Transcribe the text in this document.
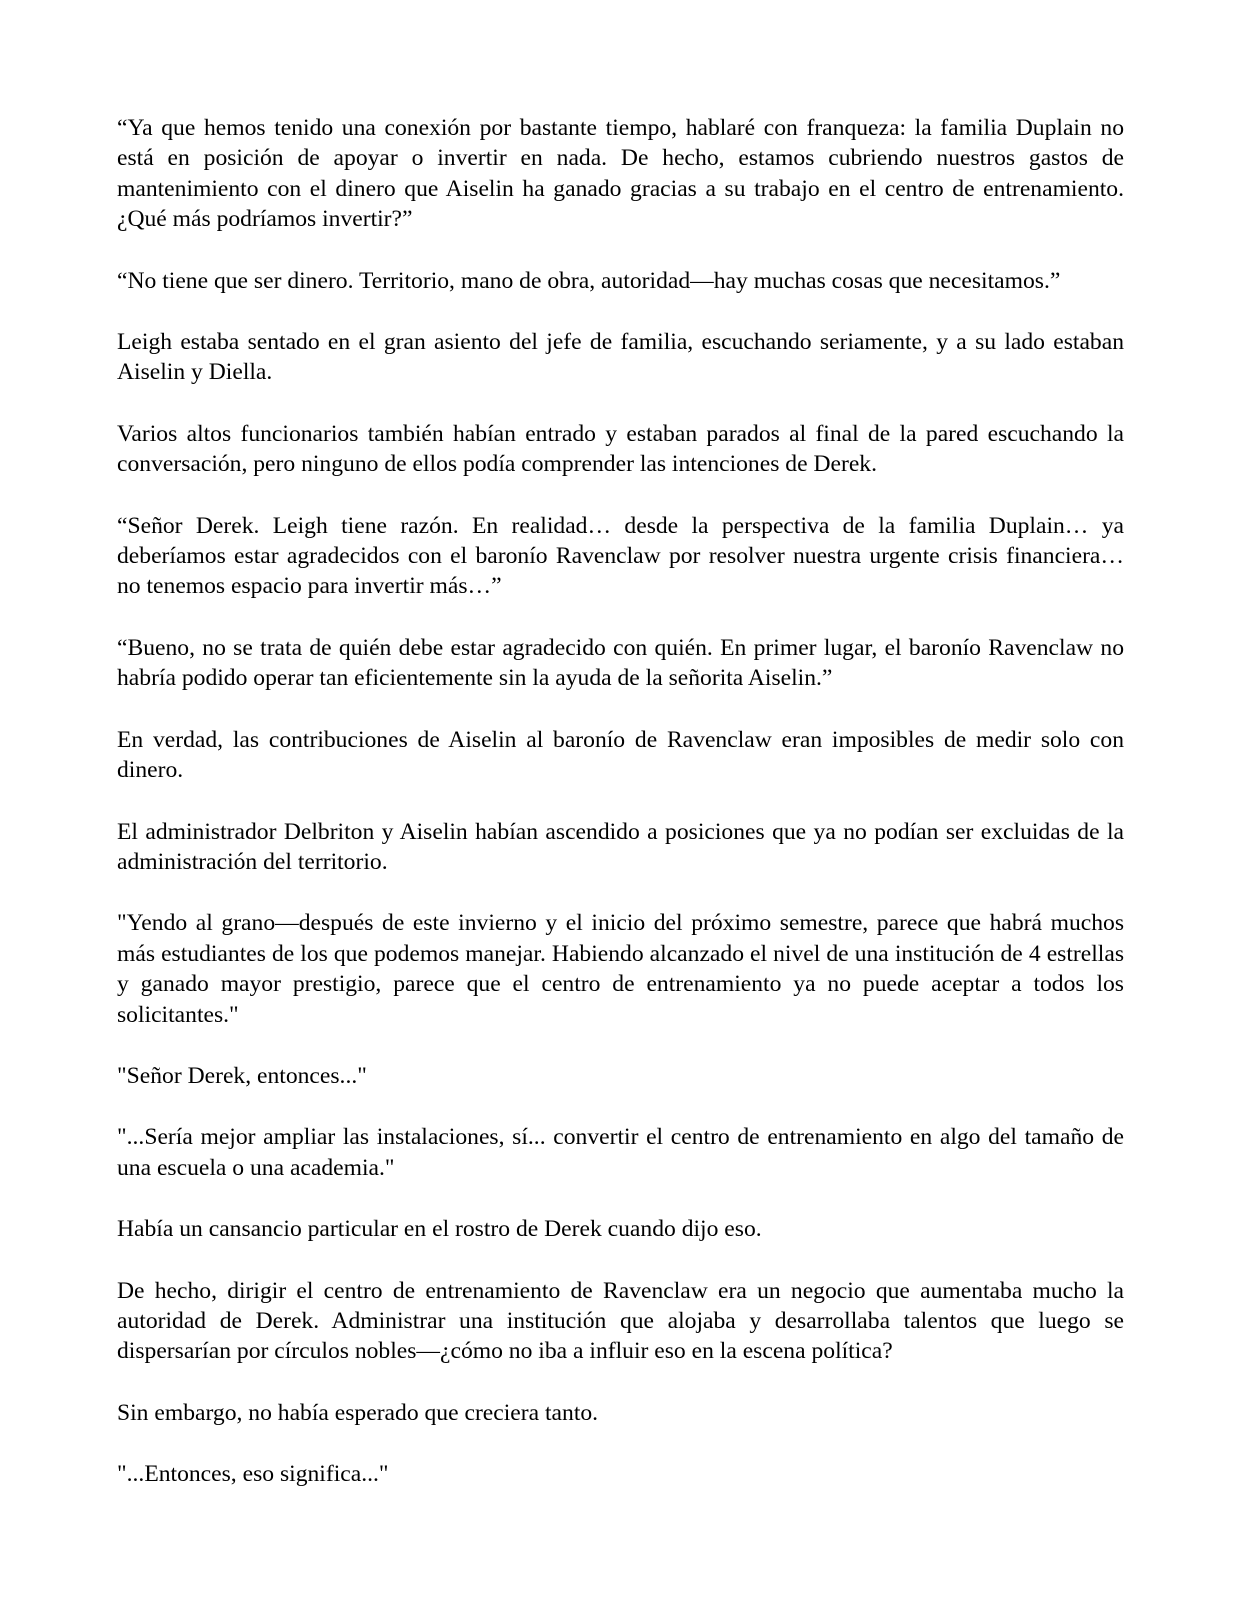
“Ya que hemos tenido una conexión por bastante tiempo, hablaré con franqueza: la familia Duplain no está en posición de apoyar o invertir en nada. De hecho, estamos cubriendo nuestros gastos de mantenimiento con el dinero que Aiselin ha ganado gracias a su trabajo en el centro de entrenamiento. ¿Qué más podríamos invertir?”

“No tiene que ser dinero. Territorio, mano de obra, autoridad—hay muchas cosas que necesitamos.”

Leigh estaba sentado en el gran asiento del jefe de familia, escuchando seriamente, y a su lado estaban Aiselin y Diella.

Varios altos funcionarios también habían entrado y estaban parados al final de la pared escuchando la conversación, pero ninguno de ellos podía comprender las intenciones de Derek.

“Señor Derek. Leigh tiene razón. En realidad… desde la perspectiva de la familia Duplain… ya deberíamos estar agradecidos con el baronío Ravenclaw por resolver nuestra urgente crisis financiera… no tenemos espacio para invertir más…”

“Bueno, no se trata de quién debe estar agradecido con quién. En primer lugar, el baronío Ravenclaw no habría podido operar tan eficientemente sin la ayuda de la señorita Aiselin.”

En verdad, las contribuciones de Aiselin al baronío de Ravenclaw eran imposibles de medir solo con dinero.

El administrador Delbriton y Aiselin habían ascendido a posiciones que ya no podían ser excluidas de la administración del territorio.

"Yendo al grano—después de este invierno y el inicio del próximo semestre, parece que habrá muchos más estudiantes de los que podemos manejar. Habiendo alcanzado el nivel de una institución de 4 estrellas y ganado mayor prestigio, parece que el centro de entrenamiento ya no puede aceptar a todos los solicitantes."

"Señor Derek, entonces..."

"...Sería mejor ampliar las instalaciones, sí... convertir el centro de entrenamiento en algo del tamaño de una escuela o una academia."

Había un cansancio particular en el rostro de Derek cuando dijo eso.

De hecho, dirigir el centro de entrenamiento de Ravenclaw era un negocio que aumentaba mucho la autoridad de Derek. Administrar una institución que alojaba y desarrollaba talentos que luego se dispersarían por círculos nobles—¿cómo no iba a influir eso en la escena política?

Sin embargo, no había esperado que creciera tanto.

"...Entonces, eso significa..."
